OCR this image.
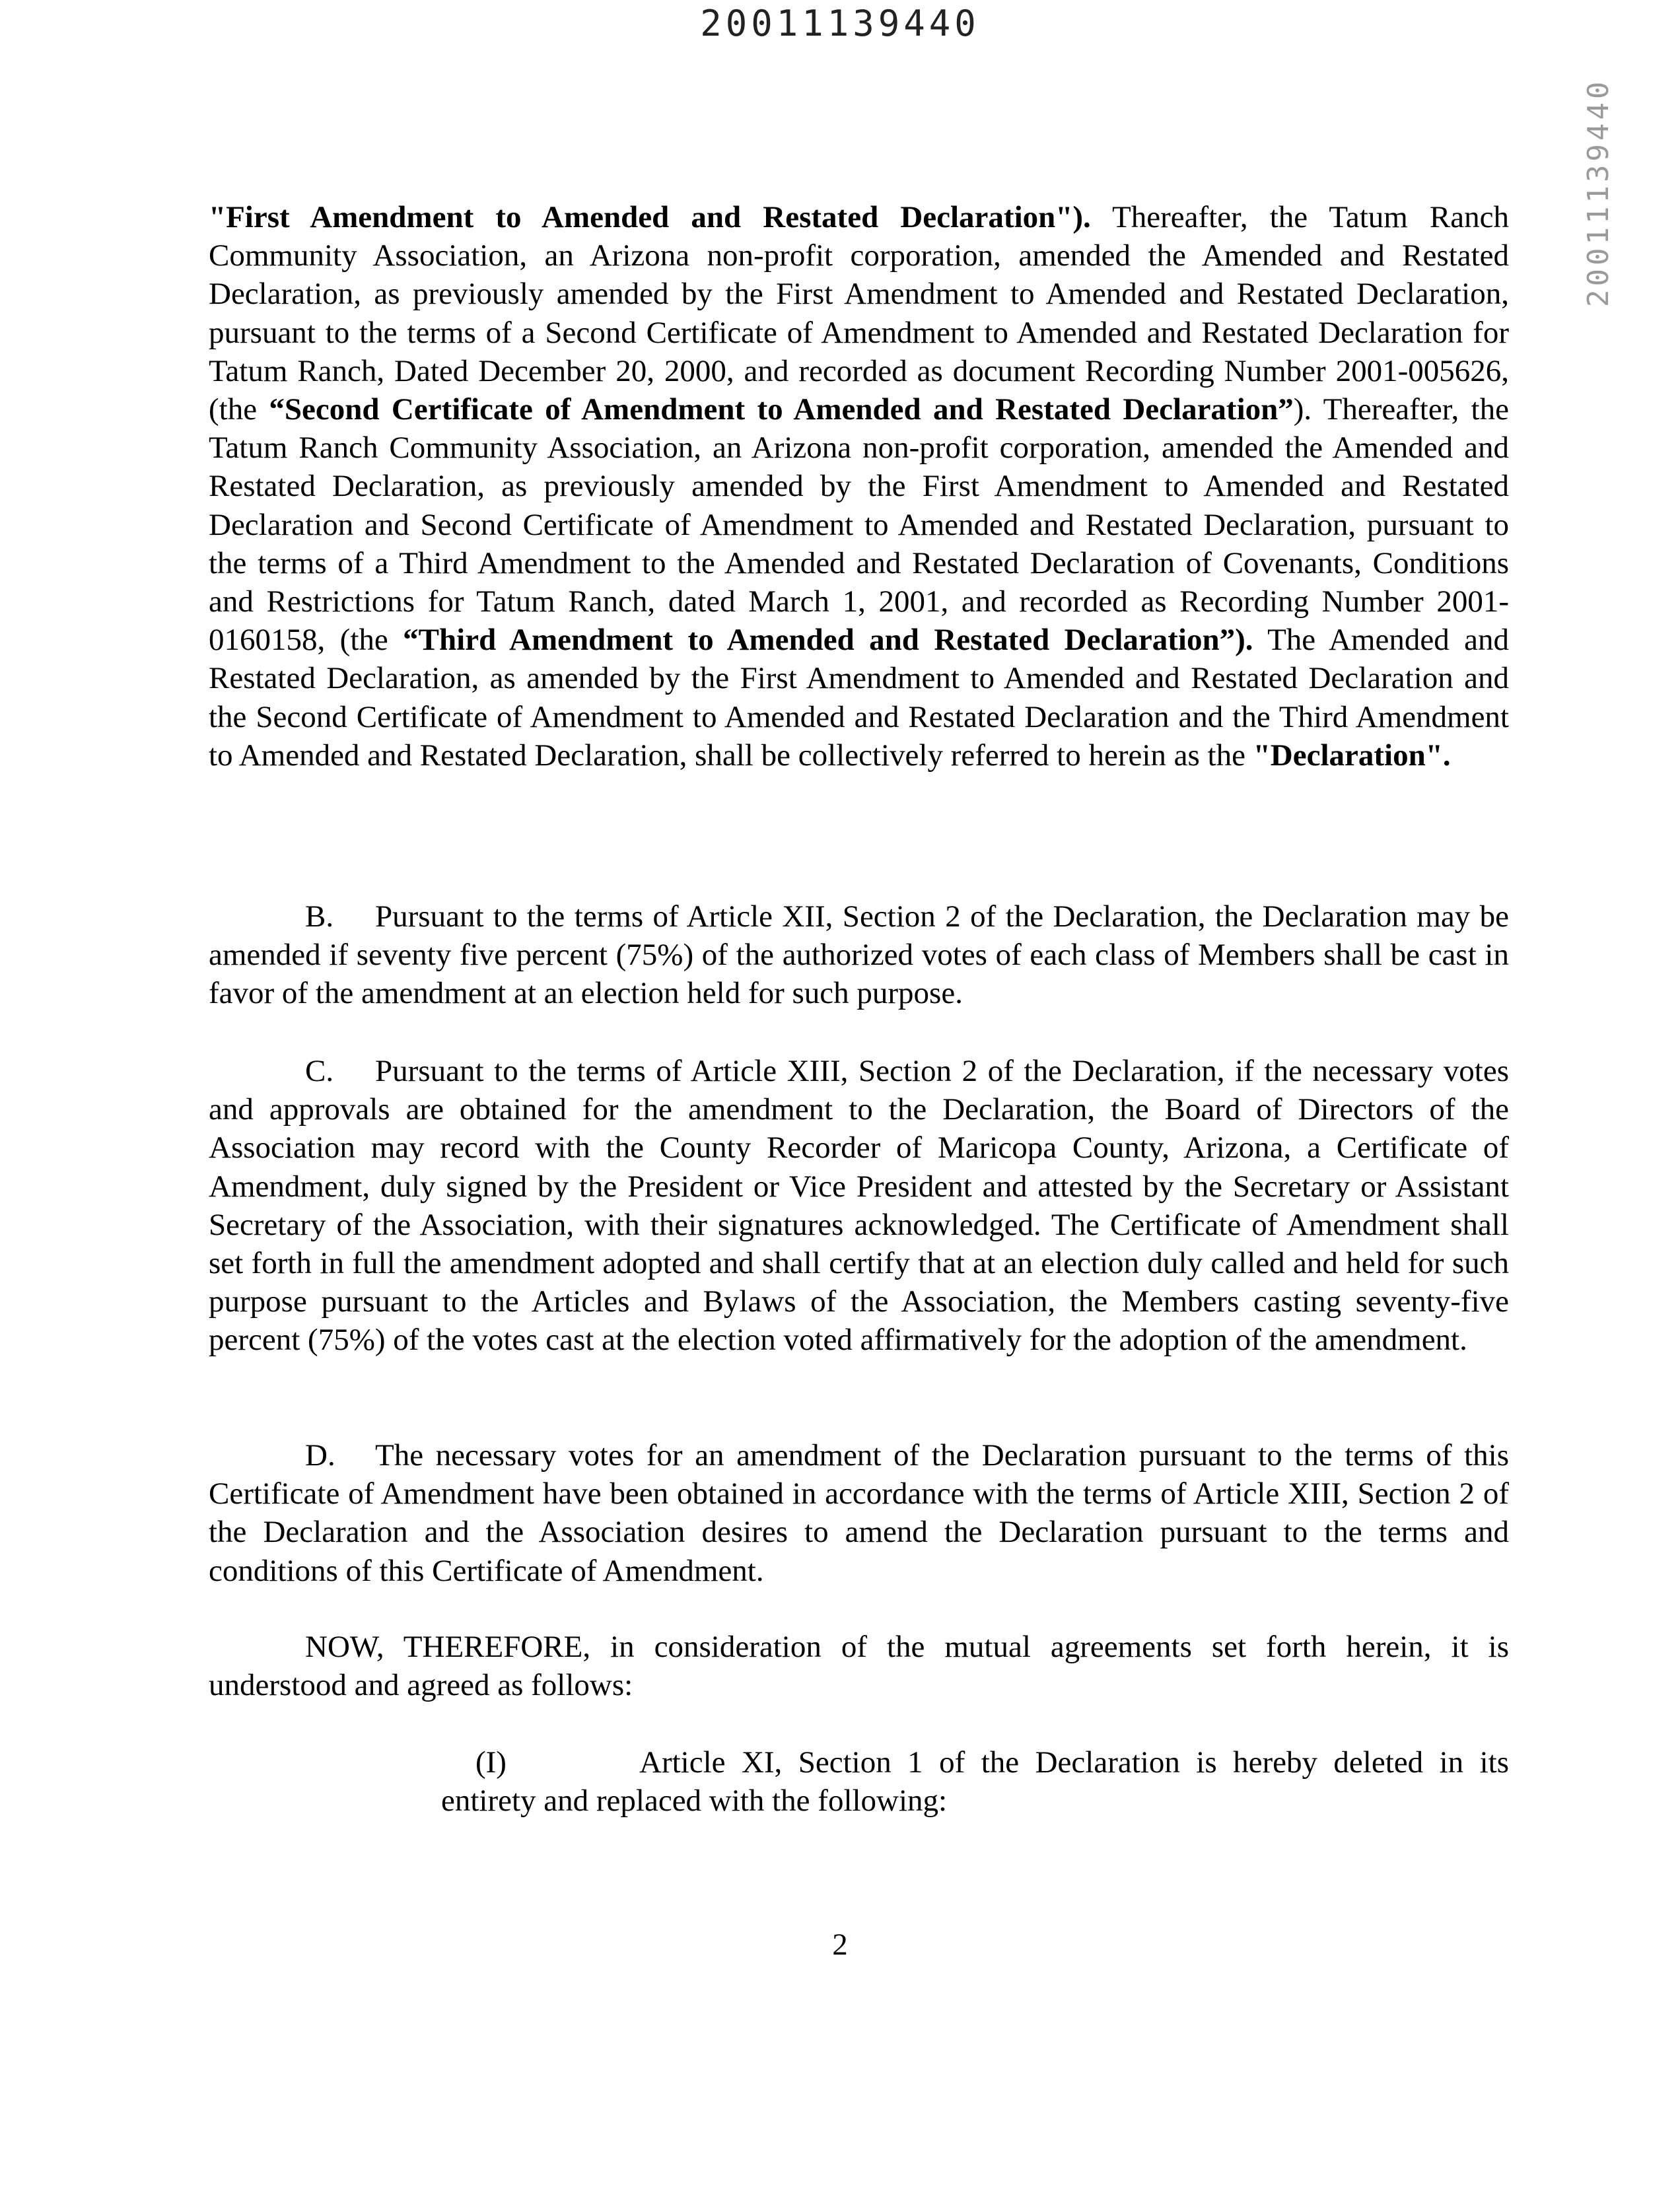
20011139440
20011139440

"First Amendment to Amended and Restated Declaration"). Thereafter, the Tatum Ranch Community Association, an Arizona non-profit corporation, amended the Amended and Restated Declaration, as previously amended by the First Amendment to Amended and Restated Declaration, pursuant to the terms of a Second Certificate of Amendment to Amended and Restated Declaration for Tatum Ranch, Dated December 20, 2000, and recorded as document Recording Number 2001-005626, (the “Second Certificate of Amendment to Amended and Restated Declaration”). Thereafter, the Tatum Ranch Community Association, an Arizona non-profit corporation, amended the Amended and Restated Declaration, as previously amended by the First Amendment to Amended and Restated Declaration and Second Certificate of Amendment to Amended and Restated Declaration, pursuant to the terms of a Third Amendment to the Amended and Restated Declaration of Covenants, Conditions and Restrictions for Tatum Ranch, dated March 1, 2001, and recorded as Recording Number 2001-0160158, (the “Third Amendment to Amended and Restated Declaration”). The Amended and Restated Declaration, as amended by the First Amendment to Amended and Restated Declaration and the Second Certificate of Amendment to Amended and Restated Declaration and the Third Amendment to Amended and Restated Declaration, shall be collectively referred to herein as the "Declaration".

B. Pursuant to the terms of Article XII, Section 2 of the Declaration, the Declaration may be amended if seventy five percent (75%) of the authorized votes of each class of Members shall be cast in favor of the amendment at an election held for such purpose.

C. Pursuant to the terms of Article XIII, Section 2 of the Declaration, if the necessary votes and approvals are obtained for the amendment to the Declaration, the Board of Directors of the Association may record with the County Recorder of Maricopa County, Arizona, a Certificate of Amendment, duly signed by the President or Vice President and attested by the Secretary or Assistant Secretary of the Association, with their signatures acknowledged. The Certificate of Amendment shall set forth in full the amendment adopted and shall certify that at an election duly called and held for such purpose pursuant to the Articles and Bylaws of the Association, the Members casting seventy-five percent (75%) of the votes cast at the election voted affirmatively for the adoption of the amendment.

D. The necessary votes for an amendment of the Declaration pursuant to the terms of this Certificate of Amendment have been obtained in accordance with the terms of Article XIII, Section 2 of the Declaration and the Association desires to amend the Declaration pursuant to the terms and conditions of this Certificate of Amendment.

NOW, THEREFORE, in consideration of the mutual agreements set forth herein, it is understood and agreed as follows:

(I)	Article XI, Section 1 of the Declaration is hereby deleted in its entirety and replaced with the following:

2
